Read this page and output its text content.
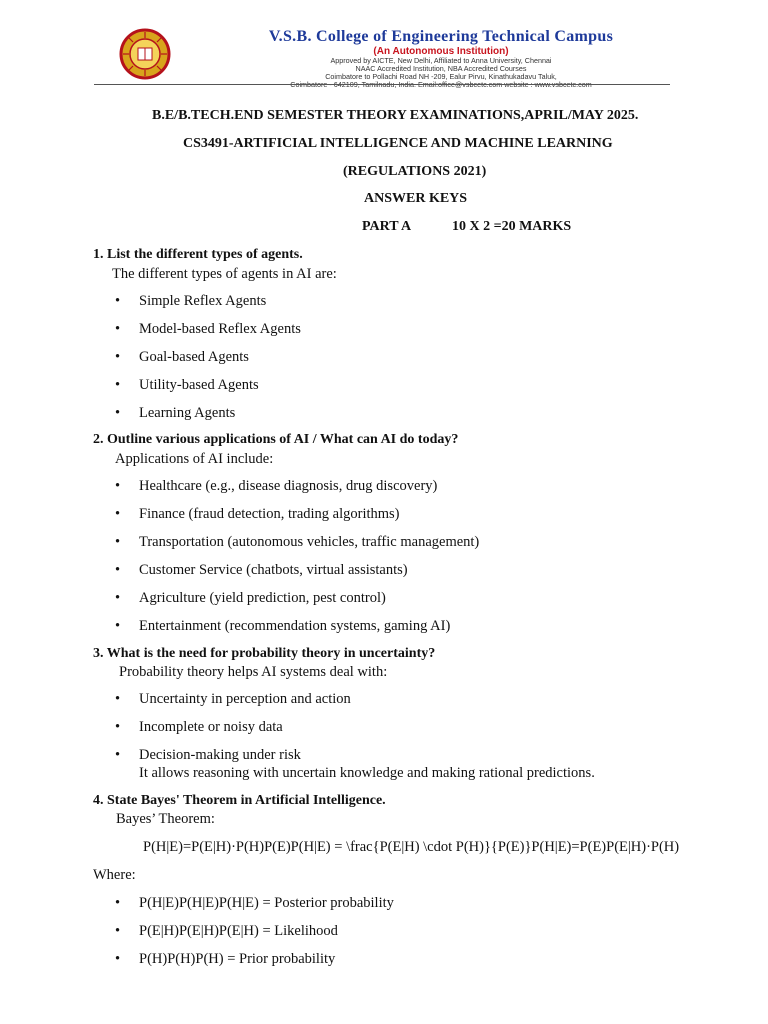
V.S.B. College of Engineering Technical Campus
(An Autonomous Institution)
Approved by AICTE, New Delhi, Affiliated to Anna University, Chennai
NAAC Accredited Institution, NBA Accredited Courses
Coimbatore to Pollachi Road NH -209, Ealur Pirvu, Kinathukadavu Taluk,
Coimbatore - 642109, Tamilnadu, India. Email:office@vsbcetc.com website : www.vsbcetc.com
B.E/B.TECH.END SEMESTER THEORY EXAMINATIONS,APRIL/MAY 2025.
CS3491-ARTIFICIAL INTELLIGENCE AND MACHINE LEARNING
(REGULATIONS 2021)
ANSWER KEYS
PART A	10 X 2 =20 MARKS
1. List the different types of agents.
The different types of agents in AI are:
• Simple Reflex Agents
• Model-based Reflex Agents
• Goal-based Agents
• Utility-based Agents
• Learning Agents
2. Outline various applications of AI / What can AI do today?
Applications of AI include:
• Healthcare (e.g., disease diagnosis, drug discovery)
• Finance (fraud detection, trading algorithms)
• Transportation (autonomous vehicles, traffic management)
• Customer Service (chatbots, virtual assistants)
• Agriculture (yield prediction, pest control)
• Entertainment (recommendation systems, gaming AI)
3. What is the need for probability theory in uncertainty?
Probability theory helps AI systems deal with:
• Uncertainty in perception and action
• Incomplete or noisy data
• Decision-making under risk
It allows reasoning with uncertain knowledge and making rational predictions.
4. State Bayes' Theorem in Artificial Intelligence.
Bayes’ Theorem:
P(H|E)=P(E|H)·P(H)P(E)P(H|E) = \frac{P(E|H) \cdot P(H)}{P(E)}P(H|E)=P(E)P(E|H)·P(H)
Where:
• P(H|E)P(H|E)P(H|E) = Posterior probability
• P(E|H)P(E|H)P(E|H) = Likelihood
• P(H)P(H)P(H) = Prior probability
